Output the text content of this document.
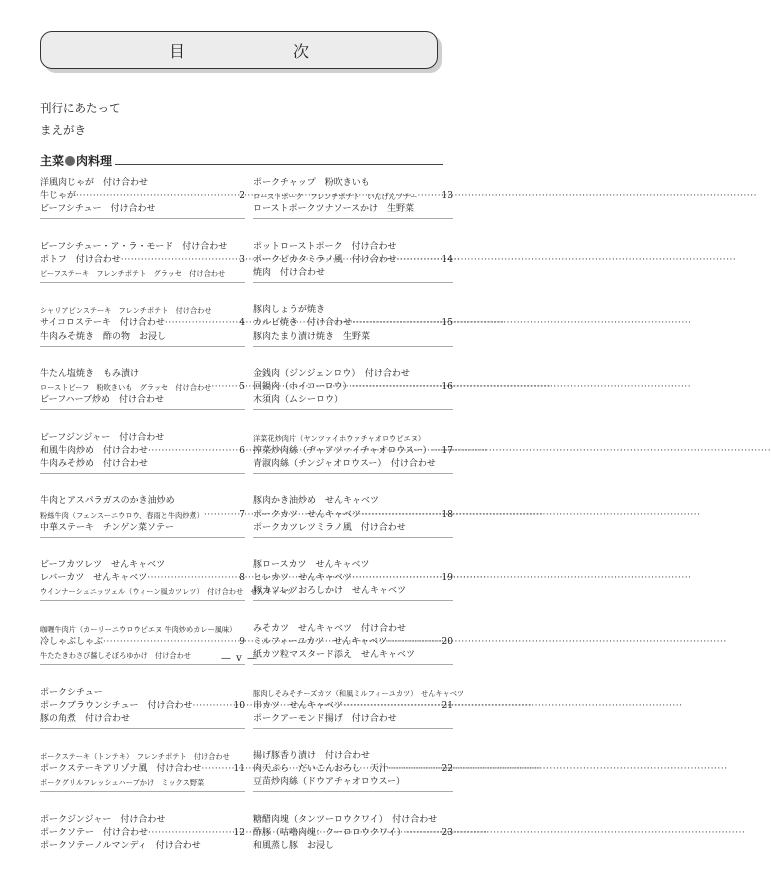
目　次
刊行にあたって
まえがき
主菜 肉料理
洋風肉じゃが　付け合わせ
牛じゃが ·····	2
ビーフシチュー　付け合わせ
ビーフシチュー・ア・ラ・モード　付け合わせ
ポトフ　付け合わせ ·····	3
ビーフステーキ　フレンチポテト　グラッセ　付け合わせ
シャリアピンステーキ　フレンチポテト　付け合わせ
サイコロステーキ　付け合わせ ·····	4
牛肉みそ焼き　酢の物　お浸し
牛たん塩焼き　もみ漬け
ローストビーフ　粉吹きいも　グラッセ　付け合わせ ·····	5
ビーフハーブ炒め　付け合わせ
ビーフジンジャー　付け合わせ
和風牛肉炒め　付け合わせ ·····	6
牛肉みそ炒め　付け合わせ
牛肉とアスパラガスのかき油炒め
粉絲牛肉（フェンスーニウロウ、春雨と牛肉炒煮） ·····	7
中華ステーキ　チンゲン菜ソテー
ビーフカツレツ　せんキャベツ
レバーカツ　せんキャベツ ·····	8
ウインナーシュニッツェル（ウィーン風カツレツ）　付け合わせ　せんキャベツ
咖喱牛肉片（カーリーニウロウピエヌ 牛肉炒めカレー風味）
冷しゃぶしゃぶ ·····	9
牛たたきわさび醤しそぼろゆかけ　付け合わせ
ポークシチュー
ポークブラウンシチュー　付け合わせ ·····	10
豚の角煮　付け合わせ
ポークステーキ（トンテキ）　フレンチポテト　付け合わせ
ポークステーキアリゾナ風　付け合わせ ·····	11
ポークグリルフレッシュハーブかけ　ミックス野菜
ポークジンジャー　付け合わせ
ポークソテー　付け合わせ ·····	12
ポークソテーノルマンディ　付け合わせ
ポークチャップ　粉吹きいも
ローストポーク　フレンチポテト　いんげんソテー ·····	13
ローストポークツナソースかけ　生野菜
ポットローストポーク　付け合わせ
ポークピカタミラノ風　付け合わせ ·····	14
焼肉　付け合わせ
豚肉しょうが焼き
カルビ焼き　付け合わせ ·····	15
豚肉たまり漬け焼き　生野菜
金銭肉（ジンジェンロウ）　付け合わせ
回鍋肉（ホイコーロウ） ·····	16
木須肉（ムシーロウ）
洋菜花炒肉片（ヤンツァイホウァチャオロウピエヌ）
搾菜炒肉絲（ヂャアツァイチャオロウスー） ····· 17
青淑肉絲（チンジャオロウスー）　付け合わせ
豚肉かき油炒め　せんキャベツ
ポークカツ　せんキャベツ ·····	18
ポークカツレツミラノ風　付け合わせ
豚ロースカツ　せんキャベツ
ヒレカツ　せんキャベツ ·····	19
豚カツレツおろしかけ　せんキャベツ
みそカツ　せんキャベツ　付け合わせ
ミルフィーユカツ　せんキャベツ ·····	20
紙カツ粒マスタード添え　せんキャベツ
豚肉しそみそチーズカツ（和風ミルフィーユカツ）　せんキャベツ
串カツ　せんキャベツ ·····	21
ポークアーモンド揚げ　付け合わせ
揚げ豚香り漬け　付け合わせ
肉天ぷら　だいこんおろし　天汁 ·····	22
豆苗炒肉絲（ドウアチャオロウスー）
糖醋肉塊（タンツーロウクワイ）　付け合わせ
酢豚（咕嚕肉塊：クーロロウクワイ） ·····	23
和風蒸し豚　お浸し
— v —
